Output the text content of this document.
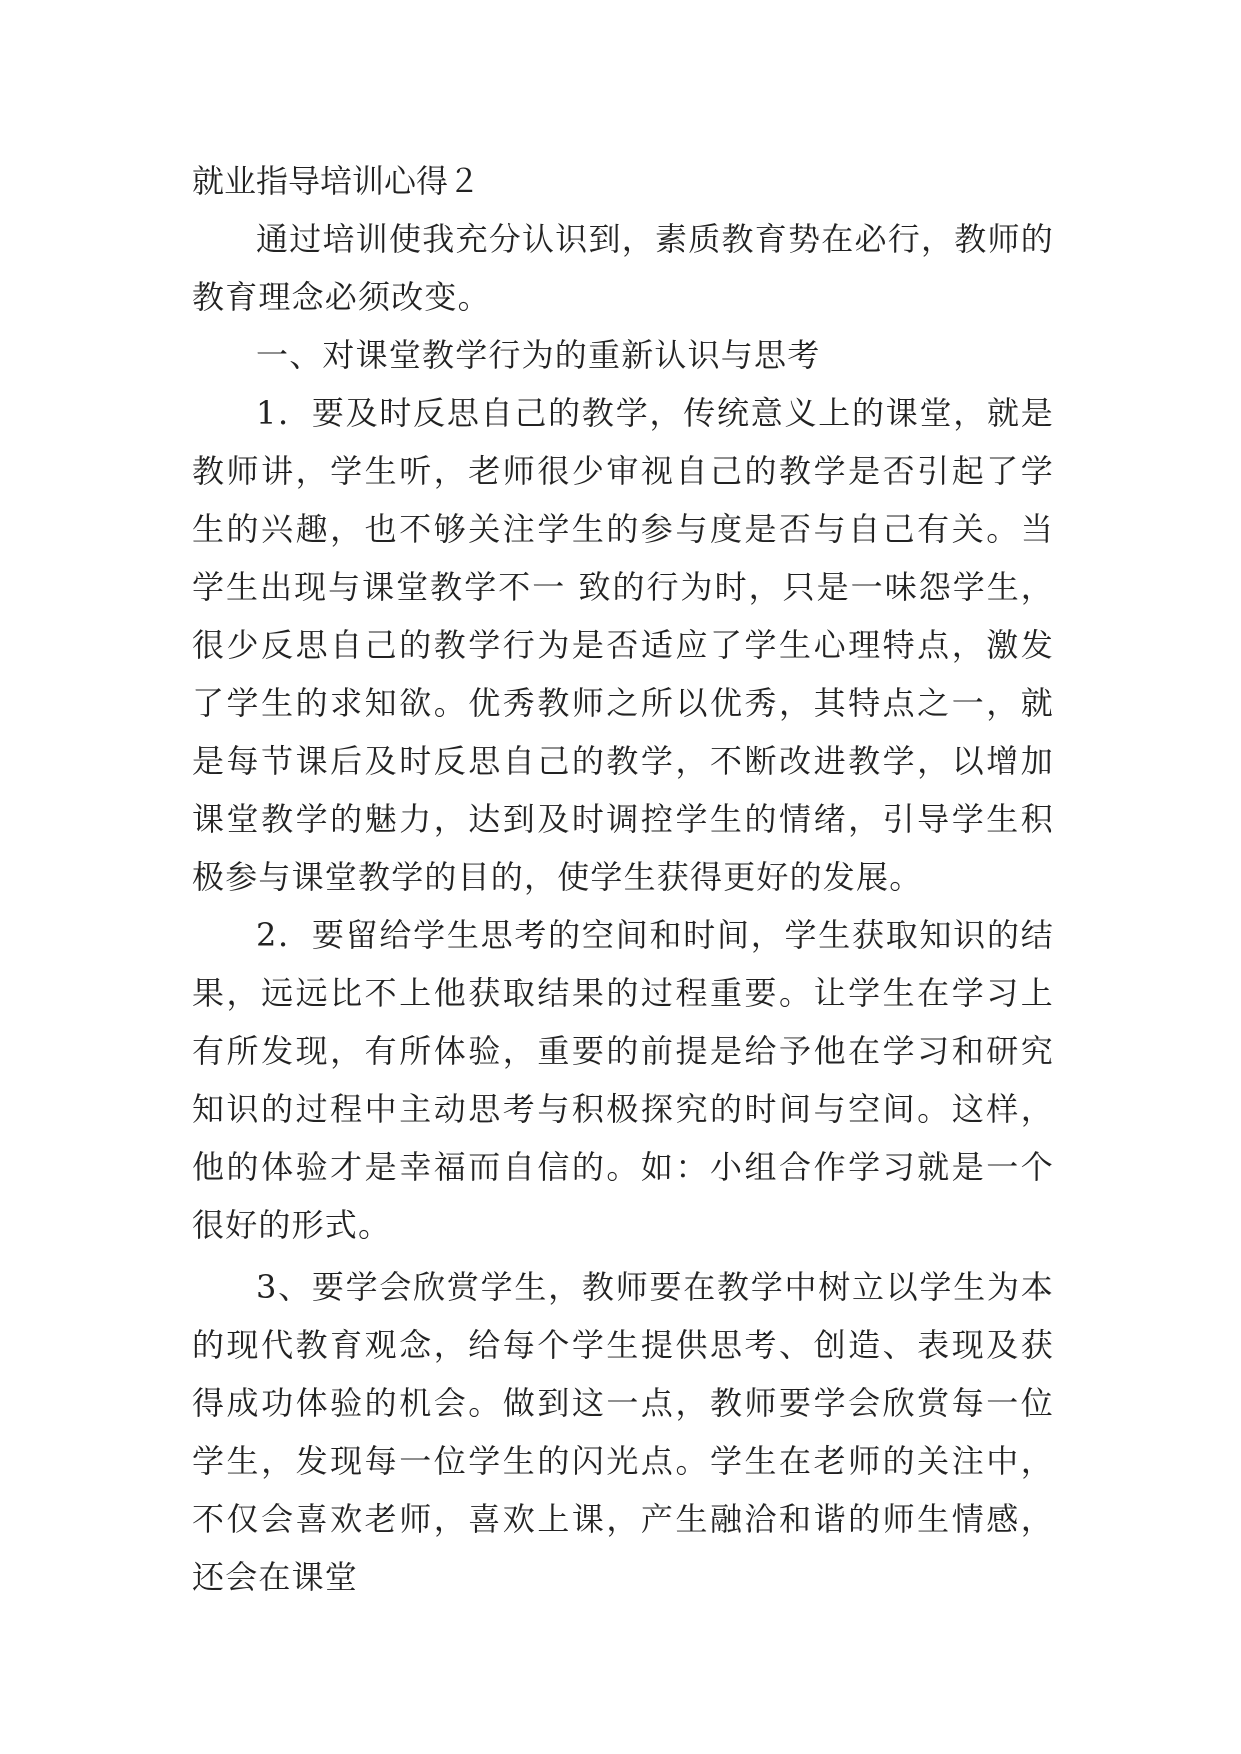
就业指导培训心得２

通过培训使我充分认识到，素质教育势在必行，教师的教育理念必须改变。

一、对课堂教学行为的重新认识与思考

1．要及时反思自己的教学，传统意义上的课堂，就是教师讲，学生听，老师很少审视自己的教学是否引起了学生的兴趣，也不够关注学生的参与度是否与自己有关。当学生出现与课堂教学不一 致的行为时，只是一味怨学生，很少反思自己的教学行为是否适应了学生心理特点，激发了学生的求知欲。优秀教师之所以优秀，其特点之一，就是每节课后及时反思自己的教学，不断改进教学，以增加课堂教学的魅力，达到及时调控学生的情绪，引导学生积极参与课堂教学的目的，使学生获得更好的发展。

2．要留给学生思考的空间和时间，学生获取知识的结果，远远比不上他获取结果的过程重要。让学生在学习上有所发现，有所体验，重要的前提是给予他在学习和研究知识的过程中主动思考与积极探究的时间与空间。这样，他的体验才是幸福而自信的。如：小组合作学习就是一个很好的形式。

3、要学会欣赏学生，教师要在教学中树立以学生为本的现代教育观念，给每个学生提供思考、创造、表现及获得成功体验的机会。做到这一点，教师要学会欣赏每一位学生，发现每一位学生的闪光点。学生在老师的关注中，不仅会喜欢老师，喜欢上课，产生融洽和谐的师生情感，还会在课堂
